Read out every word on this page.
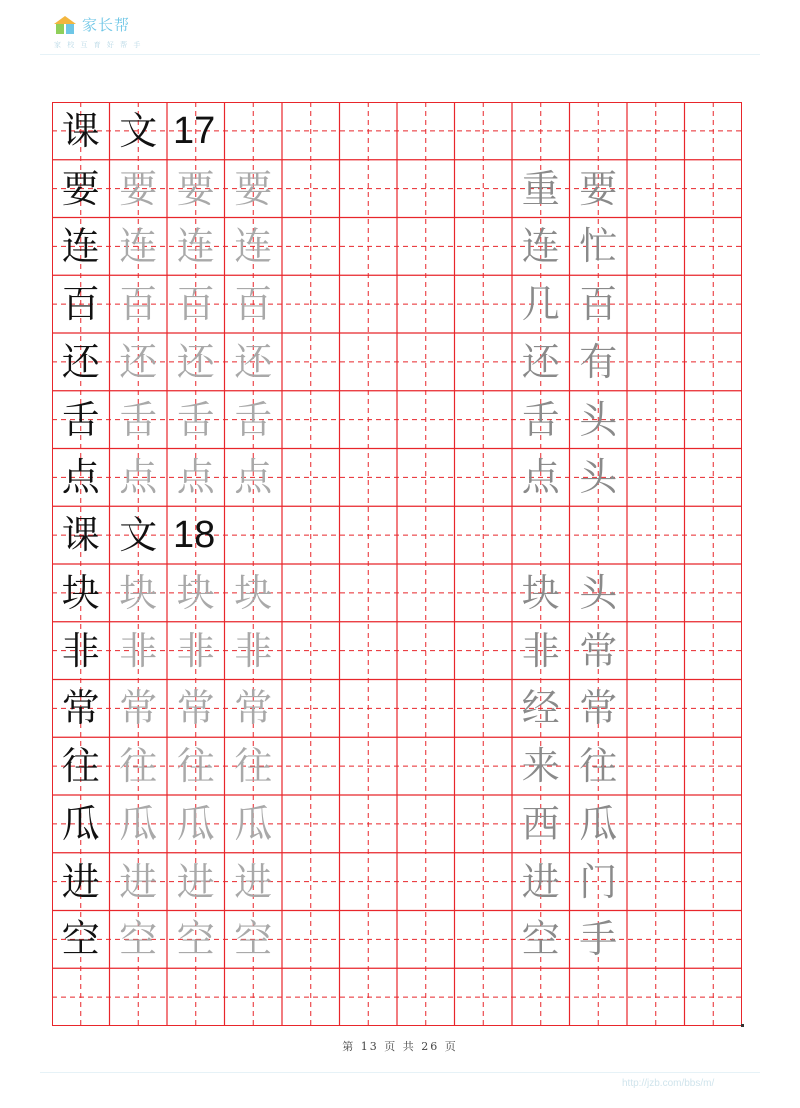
家长帮
家 校 互 育 好 帮 手
课 文 17
要 要 要 要	重 要
连 连 连 连	连 忙
百 百 百 百	几 百
还 还 还 还	还 有
舌 舌 舌 舌	舌 头
点 点 点 点	点 头
课 文 18
块 块 块 块	块 头
非 非 非 非	非 常
常 常 常 常	经 常
往 往 往 往	来 往
瓜 瓜 瓜 瓜	西 瓜
进 进 进 进	进 门
空 空 空 空	空 手
第 13 页 共 26 页
http://jzb.com/bbs/m/
